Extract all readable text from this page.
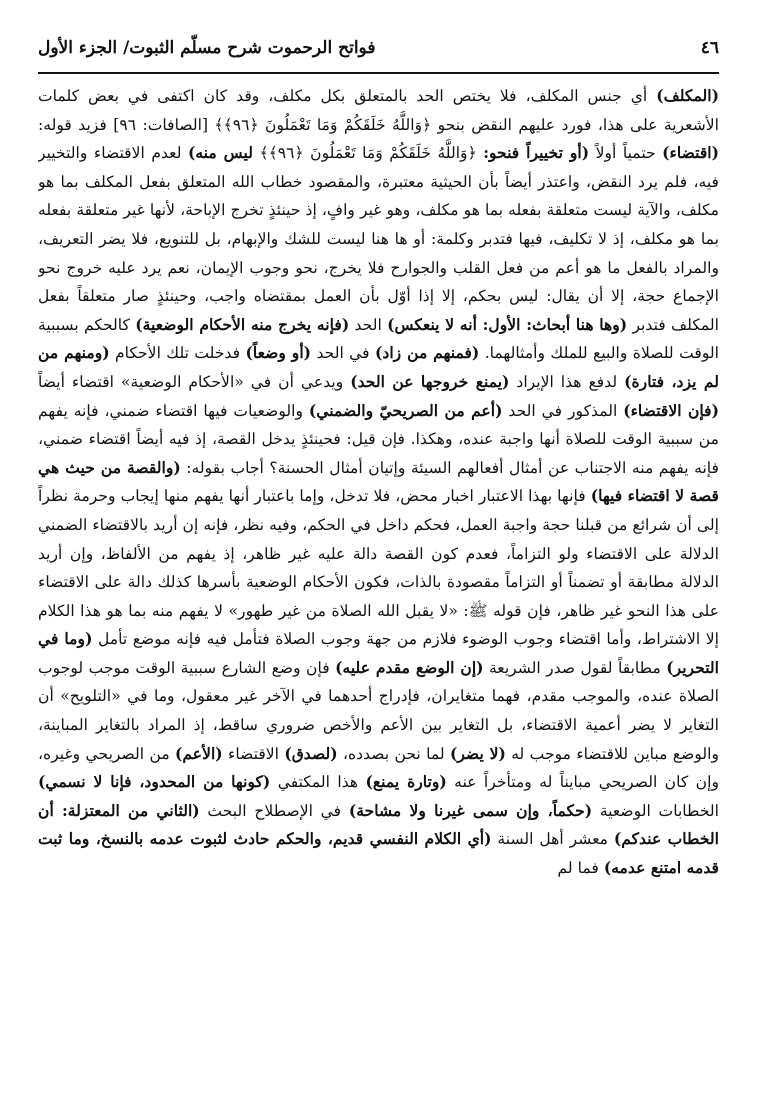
٤٦
فواتح الرحموت شرح مسلّم الثبوت/ الجزء الأول

(المكلف) أي جنس المكلف، فلا يختص الحد بالمتعلق بكل مكلف، وقد كان اكتفى في بعض كلمات الأشعرية على هذا، فورد عليهم النقض بنحو ﴿وَاللَّهُ خَلَقَكُمْ وَمَا تَعْمَلُونَ ﴿٩٦﴾﴾ [الصافات: ٩٦] فزيد قوله: (اقتضاء) حتمياً أولاً (أو تخييراً فنحو: ﴿وَاللَّهُ خَلَقَكُمْ وَمَا تَعْمَلُونَ ﴿٩٦﴾﴾ ليس منه) لعدم الاقتضاء والتخيير فيه، فلم يرد النقض، واعتذر أيضاً بأن الحيثية معتبرة، والمقصود خطاب الله المتعلق بفعل المكلف بما هو مكلف، والآية ليست متعلقة بفعله بما هو مكلف، وهو غير وافٍ، إذ حينئذٍ تخرج الإباحة، لأنها غير متعلقة بفعله بما هو مكلف، إذ لا تكليف، فيها فتدبر وكلمة: أو ها هنا ليست للشك والإبهام، بل للتنويع، فلا يضر التعريف، والمراد بالفعل ما هو أعم من فعل القلب والجوارح فلا يخرج، نحو وجوب الإيمان، نعم يرد عليه خروج نحو الإجماع حجة، إلا أن يقال: ليس بحكم، إلا إذا أوّل بأن العمل بمقتضاه واجب، وحينئذٍ صار متعلقاً بفعل المكلف فتدبر (وها هنا أبحاث: الأول: أنه لا ينعكس) الحد (فإنه يخرج منه الأحكام الوضعية) كالحكم بسببية الوقت للصلاة والبيع للملك وأمثالهما. (فمنهم من زاد) في الحد (أو وضعاً) فدخلت تلك الأحكام (ومنهم من لم يزد، فتارة) لدفع هذا الإيراد (يمنع خروجها عن الحد) ويدعي أن في «الأحكام الوضعية» اقتضاء أيضاً (فإن الاقتضاء) المذكور في الحد (أعم من الصريحيّ والضمني) والوضعيات فيها اقتضاء ضمني، فإنه يفهم من سببية الوقت للصلاة أنها واجبة عنده، وهكذا. فإن قيل: فحينئذٍ يدخل القصة، إذ فيه أيضاً اقتضاء ضمني، فإنه يفهم منه الاجتناب عن أمثال أفعالهم السيئة وإتيان أمثال الحسنة؟ أجاب بقوله: (والقصة من حيث هي قصة لا اقتضاء فيها) فإنها بهذا الاعتبار اخبار محض، فلا تدخل، وإما باعتبار أنها يفهم منها إيجاب وحرمة نظراً إلى أن شرائع من قبلنا حجة واجبة العمل، فحكم داخل في الحكم، وفيه نظر، فإنه إن أريد بالاقتضاء الضمني الدلالة على الاقتضاء ولو التزاماً، فعدم كون القصة دالة عليه غير ظاهر، إذ يفهم من الألفاظ، وإن أريد الدلالة مطابقة أو تضمناً أو التزاماً مقصودة بالذات، فكون الأحكام الوضعية بأسرها كذلك دالة على الاقتضاء على هذا النحو غير ظاهر، فإن قوله ﷺ: «لا يقبل الله الصلاة من غير طهور» لا يفهم منه بما هو هذا الكلام إلا الاشتراط، وأما اقتضاء وجوب الوضوء فلازم من جهة وجوب الصلاة فتأمل فيه فإنه موضع تأمل (وما في التحرير) مطابقاً لقول صدر الشريعة (إن الوضع مقدم عليه) فإن وضع الشارع سببية الوقت موجب لوجوب الصلاة عنده، والموجب مقدم، فهما متغايران، فإدراج أحدهما في الآخر غير معقول، وما في «التلويح» أن التغاير لا يضر أعمية الاقتضاء، بل التغاير بين الأعم والأخص ضروري ساقط، إذ المراد بالتغاير المباينة، والوضع مباين للاقتضاء موجب له (لا يضر) لما نحن بصدده، (لصدق) الاقتضاء (الأعم) من الصريحي وغيره، وإن كان الصريحي مبايناً له ومتأخراً عنه (وتارة يمنع) هذا المكتفي (كونها من المحدود، فإنا لا نسمي) الخطابات الوضعية (حكماً، وإن سمى غيرنا ولا مشاحة) في الإصطلاح البحث (الثاني من المعتزلة: أن الخطاب عندكم) معشر أهل السنة (أي الكلام النفسي قديم، والحكم حادث لثبوت عدمه بالنسخ، وما ثبت قدمه امتنع عدمه) فما لم
